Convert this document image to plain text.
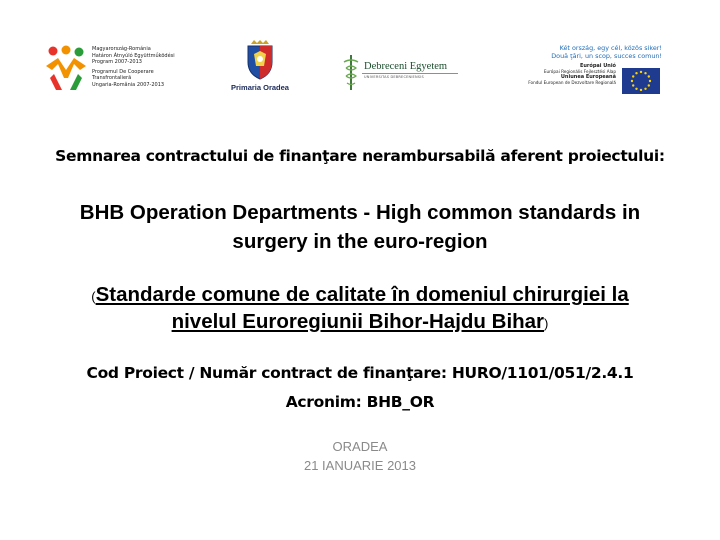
Magyarország-Románia
Határon Átnyúló Együttműködési
Program 2007-2013
Programul De Cooperare
Transfrontalieră
Ungaria-România 2007-2013	Primaria Oradea
Debreceni Egyetem
UNIVERSITAS DEBRECENIENSIS
Két ország, egy cél, közös siker!
Două ţări, un scop, succes comun!
Európai Unió
Európai Regionális Fejlesztési Alap
Uniunea Europeană
Fondul European de Dezvoltare Regională
Semnarea contractului de finanţare nerambursabilă aferent proiectului:
BHB Operation Departments - High common standards in
surgery in the euro-region
(Standarde comune de calitate în domeniul chirurgiei la
nivelul Euroregiunii Bihor-Hajdu Bihar)
Cod Proiect / Număr contract de finanţare: HURO/1101/051/2.4.1
Acronim: BHB_OR
ORADEA
21 IANUARIE 2013
